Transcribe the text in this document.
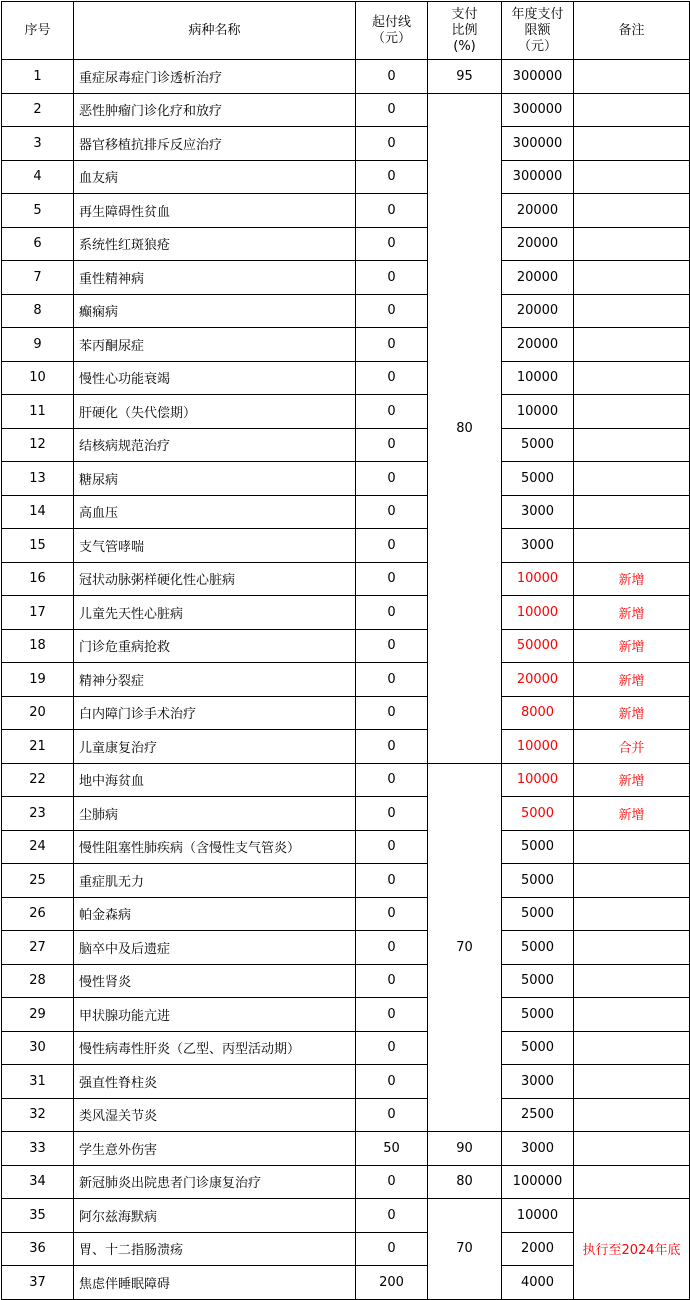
序号	病种名称	起付线（元）	支付比例(%)	年度支付限额（元）	备注
1	重症尿毒症门诊透析治疗	0	95	300000	
2	恶性肿瘤门诊化疗和放疗	0	80	300000	
3	器官移植抗排斥反应治疗	0		300000	
4	血友病	0		300000	
5	再生障碍性贫血	0		20000	
6	系统性红斑狼疮	0		20000	
7	重性精神病	0		20000	
8	癫痫病	0		20000	
9	苯丙酮尿症	0		20000	
10	慢性心功能衰竭	0		10000	
11	肝硬化（失代偿期）	0		10000	
12	结核病规范治疗	0		5000	
13	糖尿病	0		5000	
14	高血压	0		3000	
15	支气管哮喘	0		3000	
16	冠状动脉粥样硬化性心脏病	0		10000	新增
17	儿童先天性心脏病	0		10000	新增
18	门诊危重病抢救	0		50000	新增
19	精神分裂症	0		20000	新增
20	白内障门诊手术治疗	0		8000	新增
21	儿童康复治疗	0		10000	合并
22	地中海贫血	0	70	10000	新增
23	尘肺病	0		5000	新增
24	慢性阻塞性肺疾病（含慢性支气管炎）	0		5000	
25	重症肌无力	0		5000	
26	帕金森病	0		5000	
27	脑卒中及后遗症	0		5000	
28	慢性肾炎	0		5000	
29	甲状腺功能亢进	0		5000	
30	慢性病毒性肝炎（乙型、丙型活动期）	0		5000	
31	强直性脊柱炎	0		3000	
32	类风湿关节炎	0		2500	
33	学生意外伤害	50	90	3000	
34	新冠肺炎出院患者门诊康复治疗	0	80	100000	
35	阿尔兹海默病	0	70	10000	执行至2024年底
36	胃、十二指肠溃疡	0		2000	
37	焦虑伴睡眠障碍	200		4000	
